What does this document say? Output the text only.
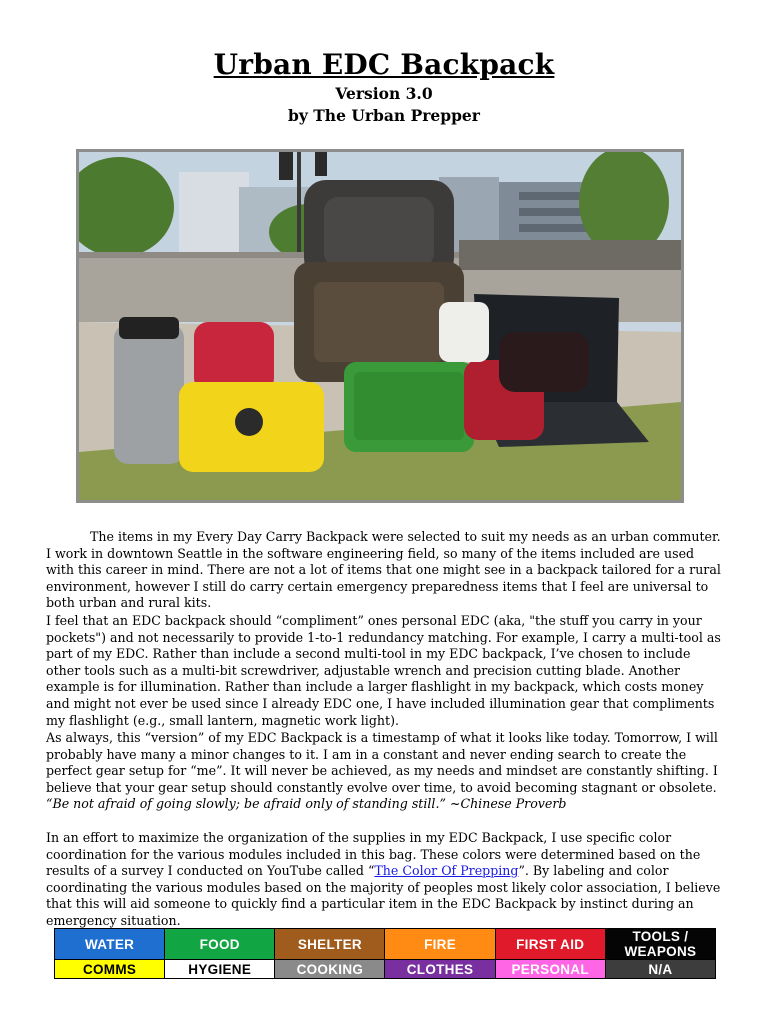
Urban EDC Backpack
Version 3.0
by The Urban Prepper
The items in my Every Day Carry Backpack were selected to suit my needs as an urban commuter. I work in downtown Seattle in the software engineering field, so many of the items included are used with this career in mind. There are not a lot of items that one might see in a backpack tailored for a rural environment, however I still do carry certain emergency preparedness items that I feel are universal to both urban and rural kits.
I feel that an EDC backpack should “compliment” ones personal EDC (aka, "the stuff you carry in your pockets") and not necessarily to provide 1-to-1 redundancy matching. For example, I carry a multi-tool as part of my EDC. Rather than include a second multi-tool in my EDC backpack, I’ve chosen to include other tools such as a multi-bit screwdriver, adjustable wrench and precision cutting blade. Another example is for illumination. Rather than include a larger flashlight in my backpack, which costs money and might not ever be used since I already EDC one, I have included illumination gear that compliments my flashlight (e.g., small lantern, magnetic work light).
As always, this “version” of my EDC Backpack is a timestamp of what it looks like today. Tomorrow, I will probably have many a minor changes to it. I am in a constant and never ending search to create the perfect gear setup for “me”. It will never be achieved, as my needs and mindset are constantly shifting. I believe that your gear setup should constantly evolve over time, to avoid becoming stagnant or obsolete. “Be not afraid of going slowly; be afraid only of standing still.” ~Chinese Proverb
In an effort to maximize the organization of the supplies in my EDC Backpack, I use specific color coordination for the various modules included in this bag. These colors were determined based on the results of a survey I conducted on YouTube called “The Color Of Prepping”. By labeling and color coordinating the various modules based on the majority of peoples most likely color association, I believe that this will aid someone to quickly find a particular item in the EDC Backpack by instinct during an emergency situation.
WATER	FOOD	SHELTER	FIRE	FIRST AID	TOOLS / WEAPONS
COMMS	HYGIENE	COOKING	CLOTHES	PERSONAL	N/A
